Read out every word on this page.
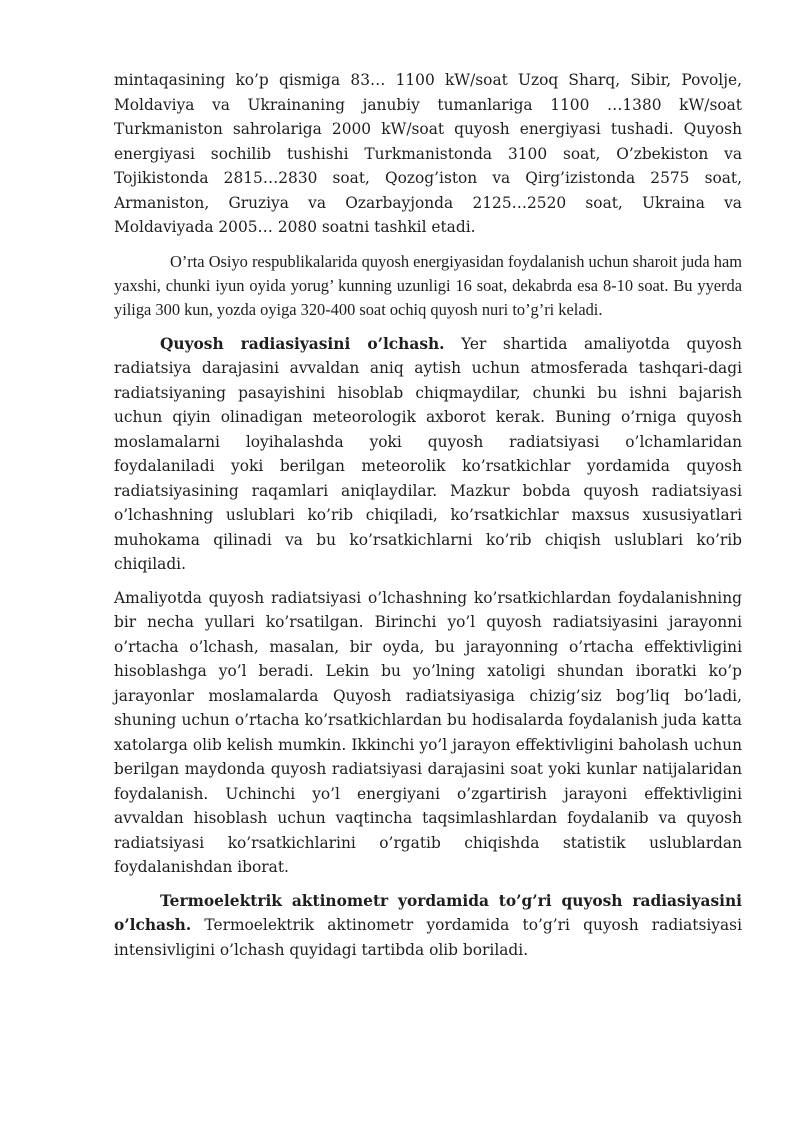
mintaqasining ko’p qismiga 83… 1100 kW/soat Uzoq Sharq, Sibir, Povolje, Moldaviya va Ukrainaning janubiy tumanlariga 1100 …1380 kW/soat Turkmaniston sahrolariga 2000 kW/soat quyosh energiyasi tushadi. Quyosh energiyasi sochilib tushishi Turkmanistonda 3100 soat, O’zbekiston va Tojikistonda 2815…2830 soat, Qozog’iston va Qirg’izistonda 2575 soat, Armaniston, Gruziya va Ozarbayjonda 2125…2520 soat, Ukraina va Moldaviyada 2005… 2080 soatni tashkil etadi.

O’rta Osiyo respublikalarida quyosh energiyasidan foydalanish uchun sharoit juda ham yaxshi, chunki iyun oyida yorug’ kunning uzunligi 16 soat, dekabrda esa 8-10 soat. Bu yyerda yiliga 300 kun, yozda oyiga 320-400 soat ochiq quyosh nuri to’g’ri keladi.

Quyosh radiasiyasini o’lchash. Yer shartida amaliyotda quyosh radiatsiya darajasini avvaldan aniq aytish uchun atmosferada tashqari-dagi radiatsiyaning pasayishini hisoblab chiqmaydilar, chunki bu ishni bajarish uchun qiyin olinadigan meteorologik axborot kerak. Buning o’rniga quyosh moslamalarni loyihalashda yoki quyosh radiatsiyasi o’lchamlaridan foydalaniladi yoki berilgan meteorolik ko’rsatkichlar yordamida quyosh radiatsiyasining raqamlari aniqlaydilar. Mazkur bobda quyosh radiatsiyasi o’lchashning uslublari ko’rib chiqiladi, ko’rsatkichlar maxsus xususiyatlari muhokama qilinadi va bu ko’rsatkichlarni ko’rib chiqish uslublari ko’rib chiqiladi.

Amaliyotda quyosh radiatsiyasi o’lchashning ko’rsatkichlardan foydalanishning bir necha yullari ko’rsatilgan. Birinchi yo’l quyosh radiatsiyasini jarayonni o’rtacha o’lchash, masalan, bir oyda, bu jarayonning o’rtacha effektivligini hisoblashga yo’l beradi. Lekin bu yo’lning xatoligi shundan iboratki ko’p jarayonlar moslamalarda Quyosh radiatsiyasiga chizig’siz bog’liq bo’ladi, shuning uchun o’rtacha ko’rsatkichlardan bu hodisalarda foydalanish juda katta xatolarga olib kelish mumkin. Ikkinchi yo’l jarayon effektivligini baholash uchun berilgan maydonda quyosh radiatsiyasi darajasini soat yoki kunlar natijalaridan foydalanish. Uchinchi yo’l energiyani o’zgartirish jarayoni effektivligini avvaldan hisoblash uchun vaqtincha taqsimlashlardan foydalanib va quyosh radiatsiyasi ko’rsatkichlarini o’rgatib chiqishda statistik uslublardan foydalanishdan iborat.

Termoelektrik aktinometr yordamida to’g’ri quyosh radiasiyasini o’lchash. Termoelektrik aktinometr yordamida to’g’ri quyosh radiatsiyasi intensivligini o’lchash quyidagi tartibda olib boriladi.
